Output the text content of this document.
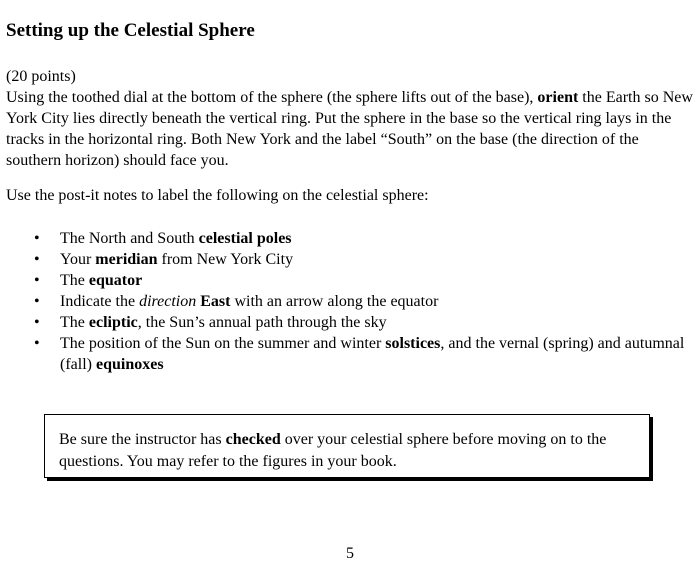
Setting up the Celestial Sphere
(20 points)
Using the toothed dial at the bottom of the sphere (the sphere lifts out of the base), orient the Earth so New York City lies directly beneath the vertical ring. Put the sphere in the base so the vertical ring lays in the tracks in the horizontal ring. Both New York and the label “South” on the base (the direction of the southern horizon) should face you.
Use the post-it notes to label the following on the celestial sphere:
• The North and South celestial poles
• Your meridian from New York City
• The equator
• Indicate the direction East with an arrow along the equator
• The ecliptic, the Sun’s annual path through the sky
• The position of the Sun on the summer and winter solstices, and the vernal (spring) and autumnal (fall) equinoxes
Be sure the instructor has checked over your celestial sphere before moving on to the questions. You may refer to the figures in your book.
5
